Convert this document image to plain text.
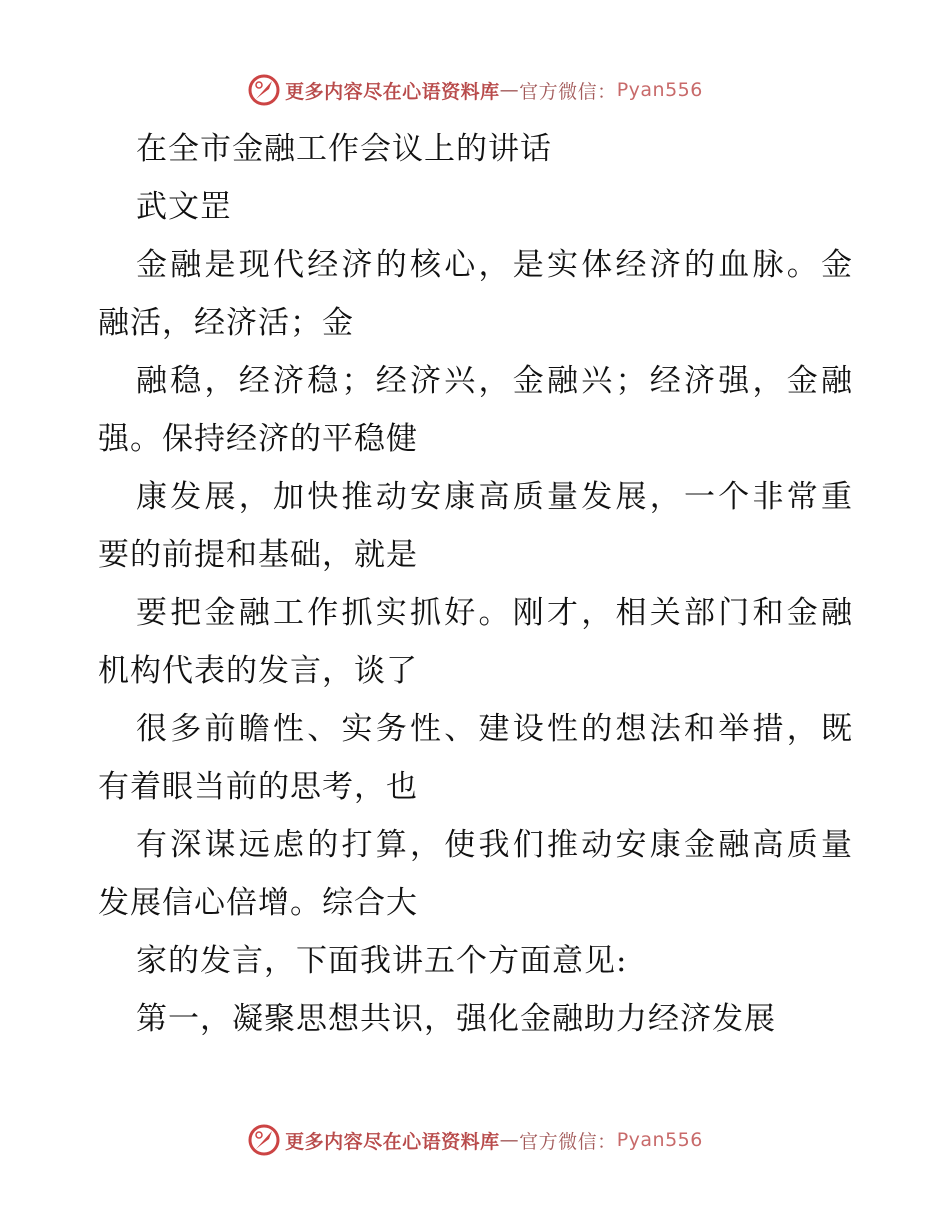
更多内容尽在心语资料库 — 官方微信： Pyan556
在全市金融工作会议上的讲话
武文罡
金融是现代经济的核心，是实体经济的血脉。金
融活，经济活；金
融稳，经济稳；经济兴，金融兴；经济强，金融
强。保持经济的平稳健
康发展，加快推动安康高质量发展，一个非常重
要的前提和基础，就是
要把金融工作抓实抓好。刚才，相关部门和金融
机构代表的发言，谈了
很多前瞻性、实务性、建设性的想法和举措，既
有着眼当前的思考，也
有深谋远虑的打算，使我们推动安康金融高质量
发展信心倍增。综合大
家的发言，下面我讲五个方面意见:
第一，凝聚思想共识，强化金融助力经济发展
更多内容尽在心语资料库 — 官方微信： Pyan556
